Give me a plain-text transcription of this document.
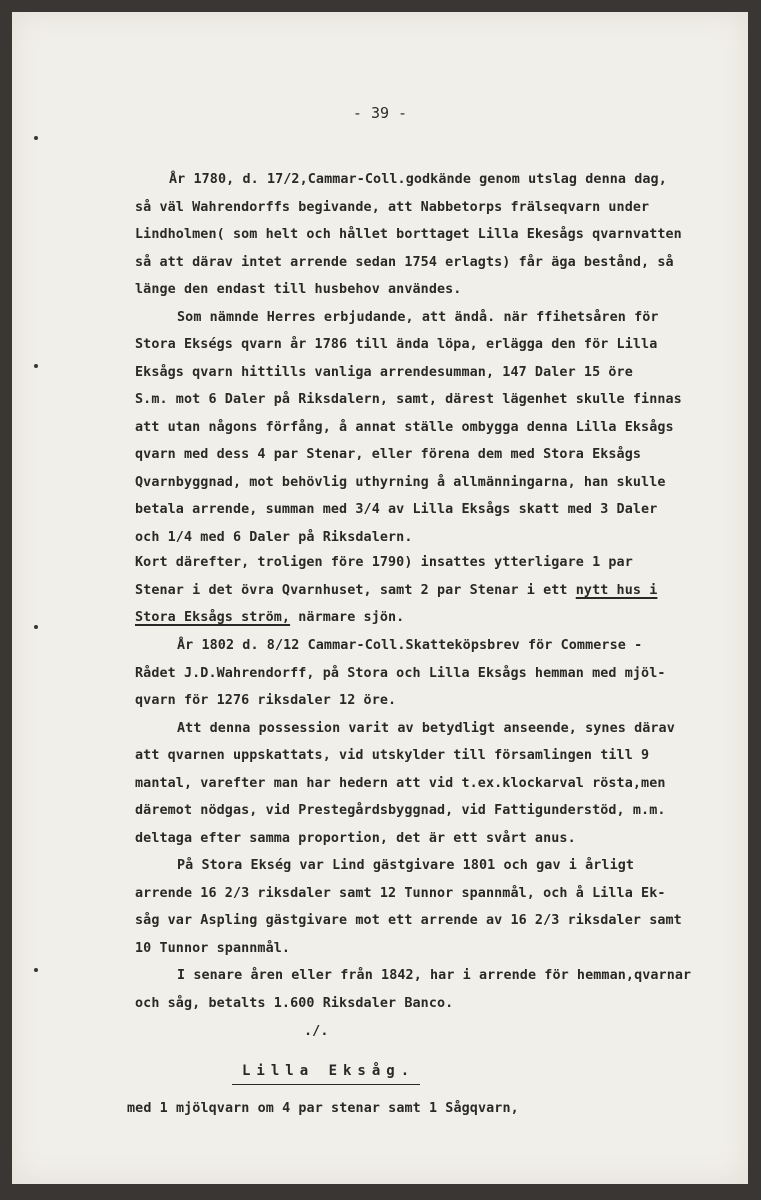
- 39 -
År 1780, d. 17/2,Cammar-Coll.godkände genom utslag denna dag,
så väl Wahrendorffs begivande, att Nabbetorps frälseqvarn under
Lindholmen( som helt och hållet borttaget Lilla Ekesågs qvarnvatten
så att därav intet arrende sedan 1754 erlagts) får äga bestånd, så
länge den endast till husbehov användes.
Som nämnde Herres erbjudande, att ändå. när ffihetsåren för
Stora Ekségs qvarn år 1786 till ända löpa, erlägga den för Lilla
Eksågs qvarn hittills vanliga arrendesumman, 147 Daler 15 öre
S.m. mot 6 Daler på Riksdalern, samt, därest lägenhet skulle finnas
att utan någons förfång, å annat ställe ombygga denna Lilla Eksågs
qvarn med dess 4 par Stenar, eller förena dem med Stora Eksågs
Qvarnbyggnad, mot behövlig uthyrning å allmänningarna, han skulle
betala arrende, summan med 3/4 av Lilla Eksågs skatt med 3 Daler
och 1/4 med 6 Daler på Riksdalern.
Kort därefter, troligen före 1790) insattes ytterligare 1 par
Stenar i det övra Qvarnhuset, samt 2 par Stenar i ett nytt hus i
Stora Eksågs ström, närmare sjön.
År 1802 d. 8/12 Cammar-Coll.Skatteköpsbrev för Commerse -
Rådet J.D.Wahrendorff, på Stora och Lilla Eksågs hemman med mjöl-
qvarn för 1276 riksdaler 12 öre.
Att denna possession varit av betydligt anseende, synes därav
att qvarnen uppskattats, vid utskylder till församlingen till 9
mantal, varefter man har hedern att vid t.ex.klockarval rösta,men
däremot nödgas, vid Prestegårdsbyggnad, vid Fattigunderstöd, m.m.
deltaga efter samma proportion, det är ett svårt anus.
På Stora Ekség var Lind gästgivare 1801 och gav i årligt
arrende 16 2/3 riksdaler samt 12 Tunnor spannmål, och å Lilla Ek-
såg var Aspling gästgivare mot ett arrende av 16 2/3 riksdaler samt
10 Tunnor spannmål.
I senare åren eller från 1842, har i arrende för hemman,qvarnar
och såg, betalts 1.600 Riksdaler Banco.
./.
Lilla Eksåg.
med 1 mjölqvarn om 4 par stenar samt 1 Sågqvarn,
